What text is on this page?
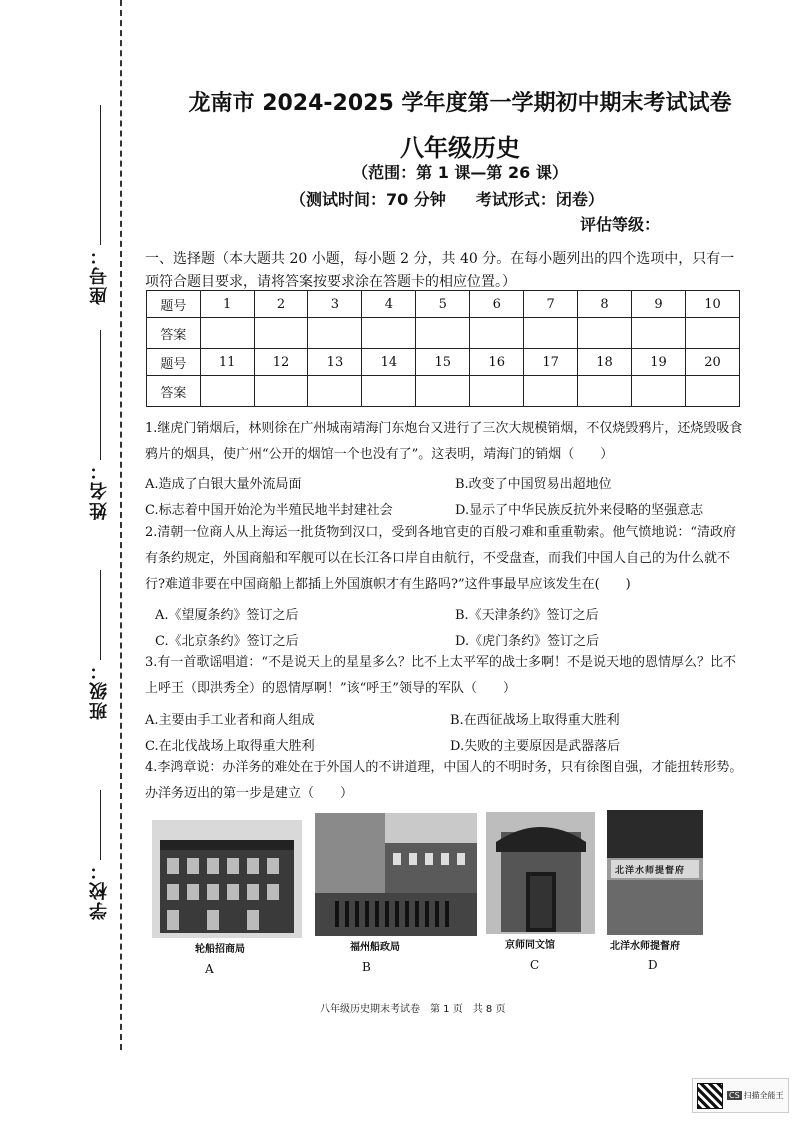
座号：
姓名：
班级：
学校：
龙南市 2024-2025 学年度第一学期初中期末考试试卷
八年级历史
（范围：第 1 课—第 26 课）
（测试时间：70 分钟 考试形式：闭卷）
评估等级：
一、选择题（本大题共 20 小题，每小题 2 分，共 40 分。在每小题列出的四个选项中，只有一项符合题目要求，请将答案按要求涂在答题卡的相应位置。）
题号	1	2	3	4	5	6	7	8	9	10
答案										
题号	11	12	13	14	15	16	17	18	19	20
答案										
1.继虎门销烟后，林则徐在广州城南靖海门东炮台又进行了三次大规模销烟，不仅烧毁鸦片，还烧毁吸食鸦片的烟具，使广州“公开的烟馆一个也没有了”。这表明，靖海门的销烟（　　）
A.造成了白银大量外流局面	B.改变了中国贸易出超地位
C.标志着中国开始沦为半殖民地半封建社会	D.显示了中华民族反抗外来侵略的坚强意志
2.清朝一位商人从上海运一批货物到汉口，受到各地官吏的百般刁难和重重勒索。他气愤地说：“清政府有条约规定，外国商船和军舰可以在长江各口岸自由航行，不受盘查，而我们中国人自己的为什么就不行?难道非要在中国商船上都插上外国旗帜才有生路吗?”这件事最早应该发生在(　　)
A.《望厦条约》签订之后	B.《天津条约》签订之后
C.《北京条约》签订之后	D.《虎门条约》签订之后
3.有一首歌谣唱道：“不是说天上的星星多么？比不上太平军的战士多啊！不是说天地的恩情厚么？比不上呼王（即洪秀全）的恩情厚啊！”该“呼王”领导的军队（　　）
A.主要由手工业者和商人组成	B.在西征战场上取得重大胜利
C.在北伐战场上取得重大胜利	D.失败的主要原因是武器落后
4.李鸿章说：办洋务的难处在于外国人的不讲道理，中国人的不明时务，只有徐图自强，才能扭转形势。办洋务迈出的第一步是建立（　　）
轮船招商局
A
福州船政局
B
京师同文馆
C
北洋水师提督府
北洋水师提督府
D
八年级历史期末考试卷 第 1 页 共 8 页
CS 扫描全能王
